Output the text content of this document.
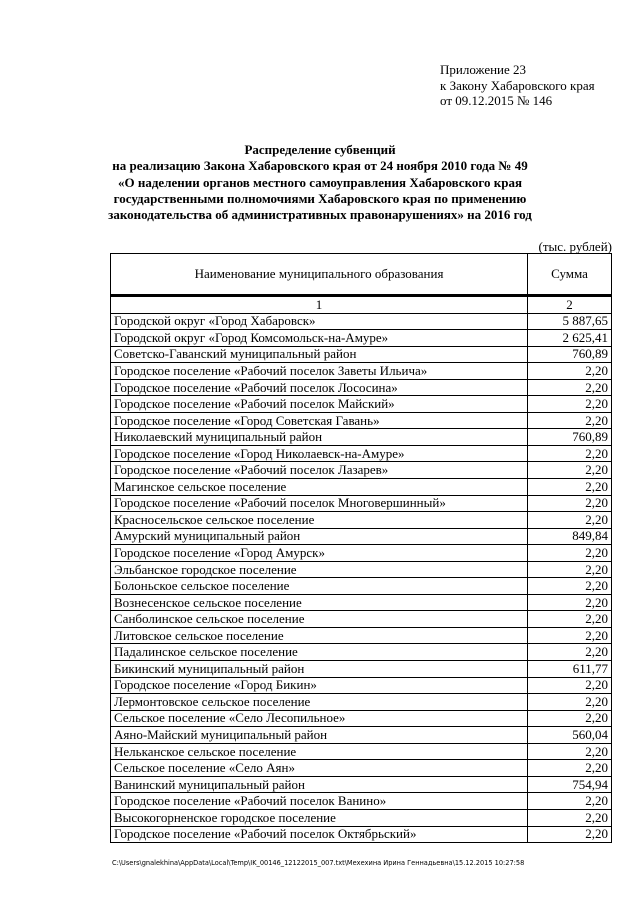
Приложение 23
к Закону Хабаровского края
от 09.12.2015 № 146
Распределение субвенций
на реализацию Закона Хабаровского края от 24 ноября 2010 года № 49
«О наделении органов местного самоуправления Хабаровского края
государственными полномочиями Хабаровского края по применению
законодательства об административных правонарушениях» на 2016 год
(тыс. рублей)
Наименование муниципального образования	Сумма
1	2
Городской округ «Город Хабаровск»	5 887,65
Городской округ «Город Комсомольск-на-Амуре»	2 625,41
Советско-Гаванский муниципальный район	760,89
Городское поселение «Рабочий поселок Заветы Ильича»	2,20
Городское поселение «Рабочий поселок Лососина»	2,20
Городское поселение «Рабочий поселок Майский»	2,20
Городское поселение «Город Советская Гавань»	2,20
Николаевский муниципальный район	760,89
Городское поселение «Город Николаевск-на-Амуре»	2,20
Городское поселение «Рабочий поселок Лазарев»	2,20
Магинское сельское поселение	2,20
Городское поселение «Рабочий поселок Многовершинный»	2,20
Красносельское сельское поселение	2,20
Амурский муниципальный район	849,84
Городское поселение «Город Амурск»	2,20
Эльбанское городское поселение	2,20
Болоньское сельское поселение	2,20
Вознесенское сельское поселение	2,20
Санболинское сельское поселение	2,20
Литовское сельское поселение	2,20
Падалинское сельское поселение	2,20
Бикинский муниципальный район	611,77
Городское поселение «Город Бикин»	2,20
Лермонтовское сельское поселение	2,20
Сельское поселение «Село Лесопильное»	2,20
Аяно-Майский муниципальный район	560,04
Нельканское сельское поселение	2,20
Сельское поселение «Село Аян»	2,20
Ванинский муниципальный район	754,94
Городское поселение «Рабочий поселок Ванино»	2,20
Высокогорненское городское поселение	2,20
Городское поселение «Рабочий поселок Октябрьский»	2,20
C:\Users\gnalekhina\AppData\Local\Temp\IK_00146_12122015_007.txt\Мехехина Ирина Геннадьевна\15.12.2015 10:27:58
